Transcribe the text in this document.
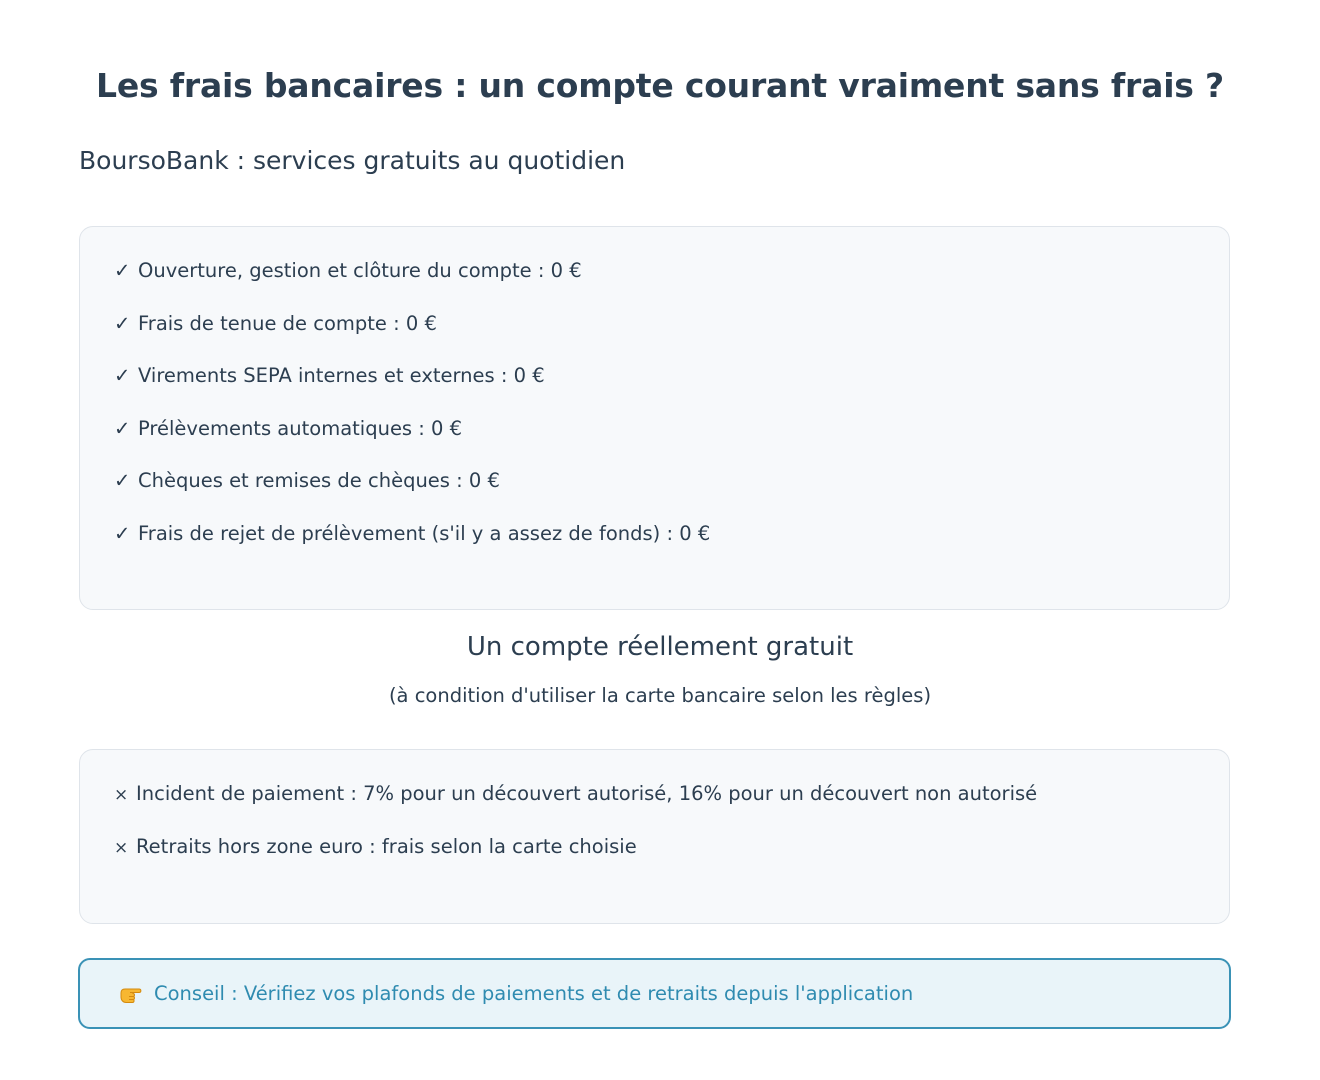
Les frais bancaires : un compte courant vraiment sans frais ?
BoursoBank : services gratuits au quotidien
✓ Ouverture, gestion et clôture du compte : 0 €
✓ Frais de tenue de compte : 0 €
✓ Virements SEPA internes et externes : 0 €
✓ Prélèvements automatiques : 0 €
✓ Chèques et remises de chèques : 0 €
✓ Frais de rejet de prélèvement (s'il y a assez de fonds) : 0 €
Un compte réellement gratuit

(à condition d'utiliser la carte bancaire selon les règles)

× Incident de paiement : 7% pour un découvert autorisé, 16% pour un découvert non autorisé
× Retraits hors zone euro : frais selon la carte choisie
Conseil : Vérifiez vos plafonds de paiements et de retraits depuis l'application
